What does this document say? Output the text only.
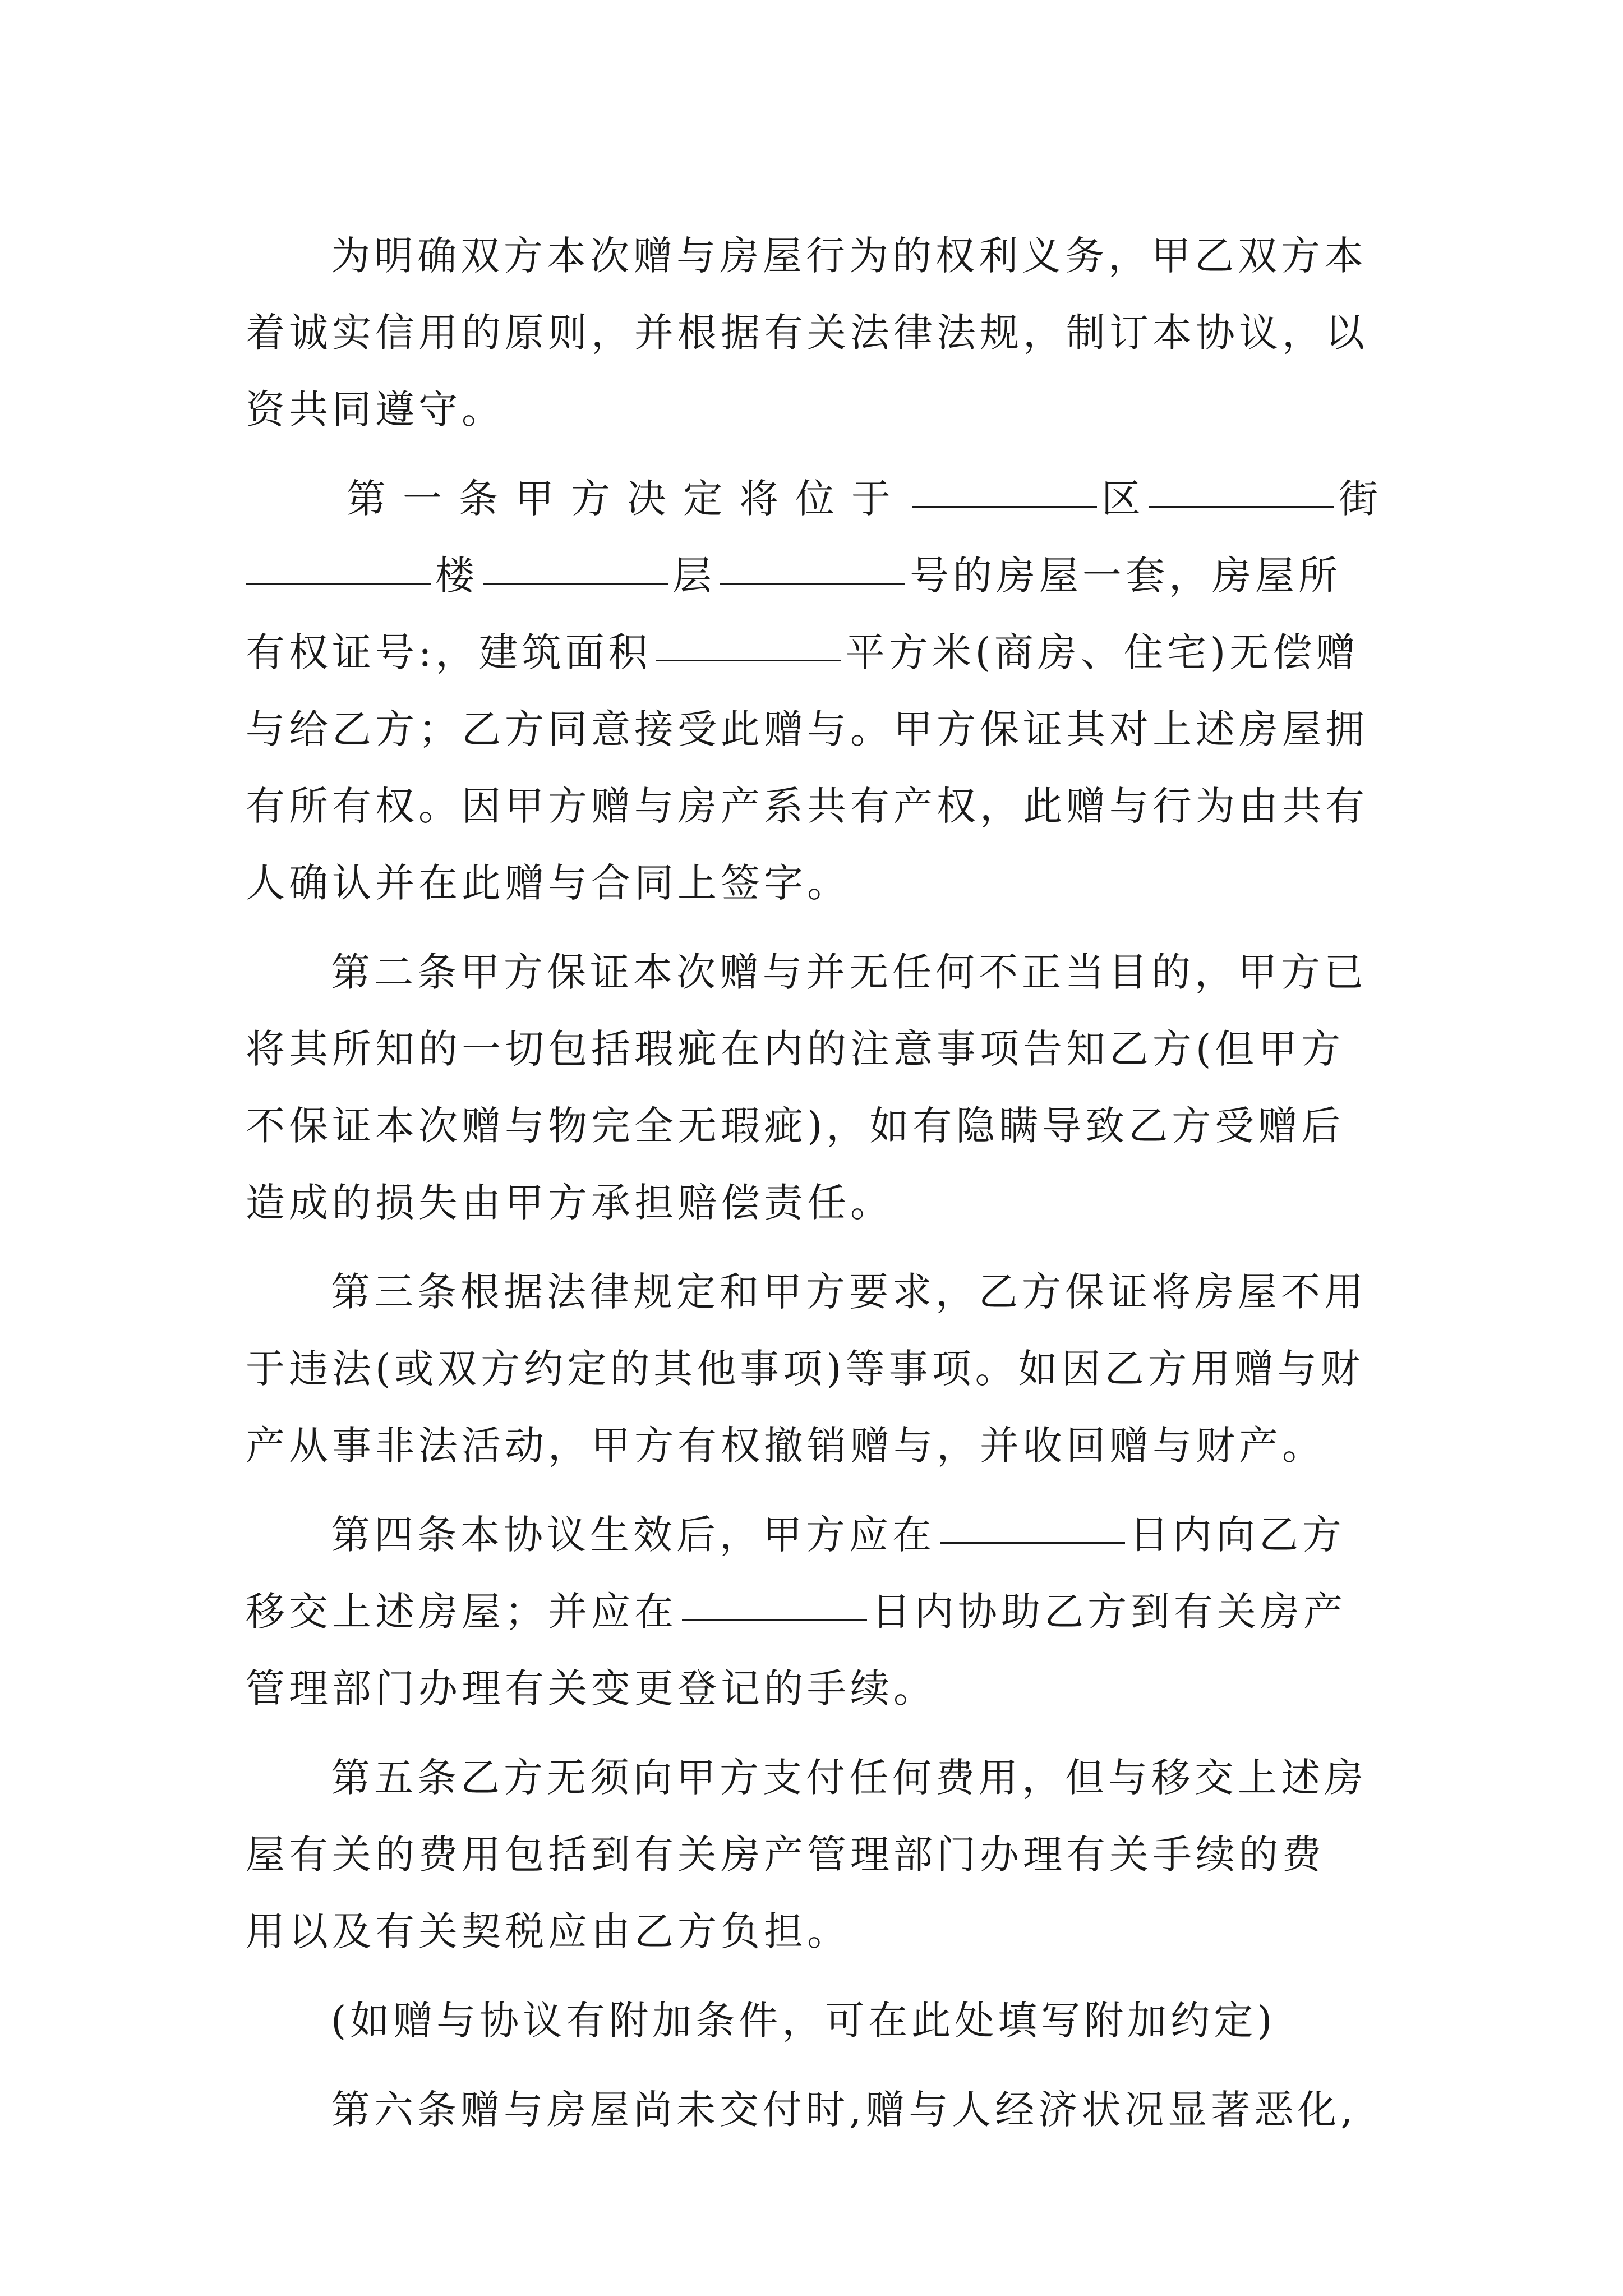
为明确双方本次赠与房屋行为的权利义务，甲乙双方本
着诚实信用的原则，并根据有关法律法规，制订本协议，以
资共同遵守。
第一条甲方决定将位于	区	街
楼	层	号的房屋一套，房屋所
有权证号:，建筑面积	平方米(商房、住宅)无偿赠
与给乙方；乙方同意接受此赠与。甲方保证其对上述房屋拥
有所有权。因甲方赠与房产系共有产权，此赠与行为由共有
人确认并在此赠与合同上签字。
第二条甲方保证本次赠与并无任何不正当目的，甲方已
将其所知的一切包括瑕疵在内的注意事项告知乙方(但甲方
不保证本次赠与物完全无瑕疵)，如有隐瞒导致乙方受赠后
造成的损失由甲方承担赔偿责任。
第三条根据法律规定和甲方要求，乙方保证将房屋不用
于违法(或双方约定的其他事项)等事项。如因乙方用赠与财
产从事非法活动，甲方有权撤销赠与，并收回赠与财产。
第四条本协议生效后，甲方应在	日内向乙方
移交上述房屋；并应在	日内协助乙方到有关房产
管理部门办理有关变更登记的手续。
第五条乙方无须向甲方支付任何费用，但与移交上述房
屋有关的费用包括到有关房产管理部门办理有关手续的费
用以及有关契税应由乙方负担。
(如赠与协议有附加条件，可在此处填写附加约定)
第六条赠与房屋尚未交付时,赠与人经济状况显著恶化,
